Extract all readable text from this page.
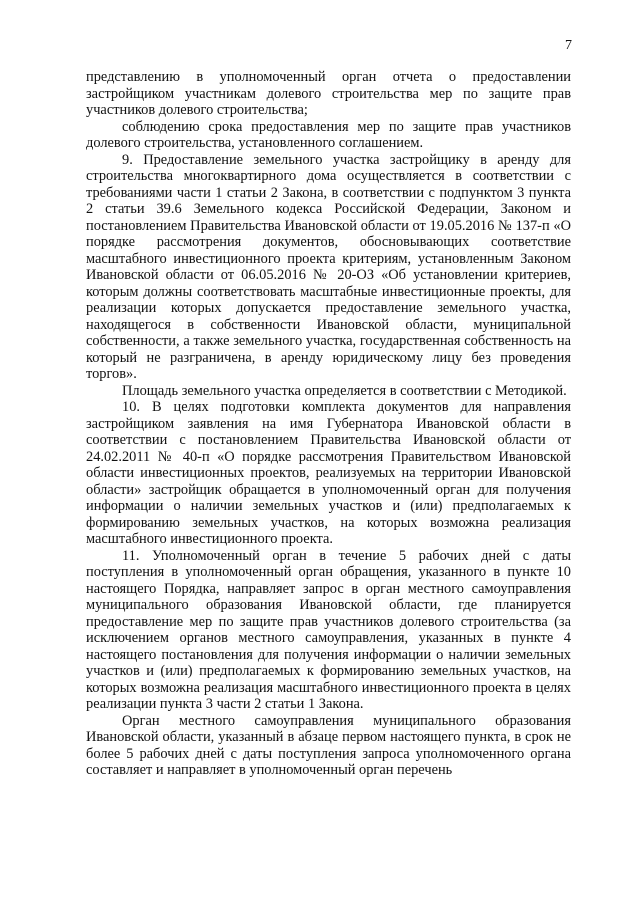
7

представлению в уполномоченный орган отчета о предоставлении застройщиком участникам долевого строительства мер по защите прав участников долевого строительства;

соблюдению срока предоставления мер по защите прав участников долевого строительства, установленного соглашением.

9. Предоставление земельного участка застройщику в аренду для строительства многоквартирного дома осуществляется в соответствии с требованиями части 1 статьи 2 Закона, в соответствии с подпунктом 3 пункта 2 статьи 39.6 Земельного кодекса Российской Федерации, Законом и постановлением Правительства Ивановской области от 19.05.2016 № 137-п «О порядке рассмотрения документов, обосновывающих соответствие масштабного инвестиционного проекта критериям, установленным Законом Ивановской области от 06.05.2016 № 20-ОЗ «Об установлении критериев, которым должны соответствовать масштабные инвестиционные проекты, для реализации которых допускается предоставление земельного участка, находящегося в собственности Ивановской области, муниципальной собственности, а также земельного участка, государственная собственность на который не разграничена, в аренду юридическому лицу без проведения торгов».

Площадь земельного участка определяется в соответствии с Методикой.

10. В целях подготовки комплекта документов для направления застройщиком заявления на имя Губернатора Ивановской области в соответствии с постановлением Правительства Ивановской области от 24.02.2011 № 40-п «О порядке рассмотрения Правительством Ивановской области инвестиционных проектов, реализуемых на территории Ивановской области» застройщик обращается в уполномоченный орган для получения информации о наличии земельных участков и (или) предполагаемых к формированию земельных участков, на которых возможна реализация масштабного инвестиционного проекта.

11. Уполномоченный орган в течение 5 рабочих дней с даты поступления в уполномоченный орган обращения, указанного в пункте 10 настоящего Порядка, направляет запрос в орган местного самоуправления муниципального образования Ивановской области, где планируется предоставление мер по защите прав участников долевого строительства (за исключением органов местного самоуправления, указанных в пункте 4 настоящего постановления для получения информации о наличии земельных участков и (или) предполагаемых к формированию земельных участков, на которых возможна реализация масштабного инвестиционного проекта в целях реализации пункта 3 части 2 статьи 1 Закона.

Орган местного самоуправления муниципального образования Ивановской области, указанный в абзаце первом настоящего пункта, в срок не более 5 рабочих дней с даты поступления запроса уполномоченного органа составляет и направляет в уполномоченный орган перечень
